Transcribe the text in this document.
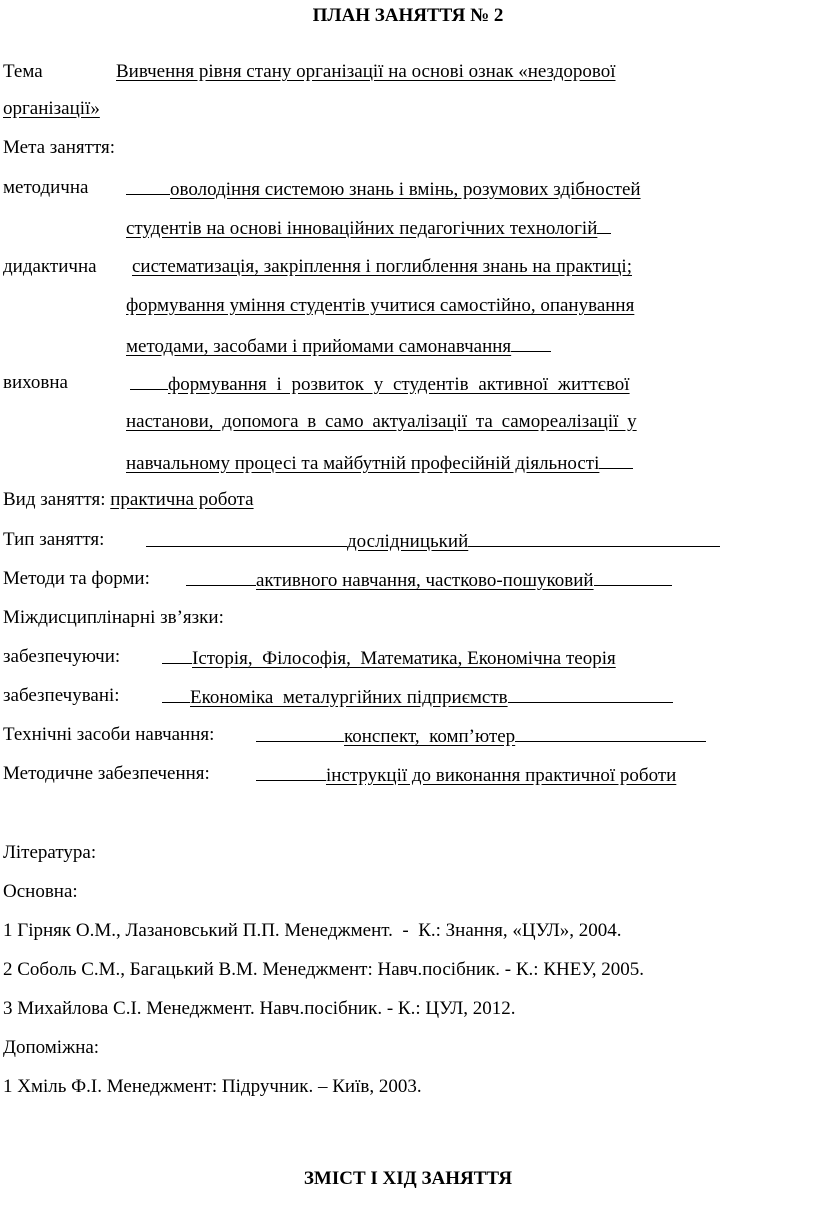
ПЛАН ЗАНЯТТЯ № 2
Тема	Вивчення рівня стану організації на основі ознак «нездорової
організації»
Мета заняття:
методична	оволодіння системою знань і вмінь, розумових здібностей
студентів на основі інноваційних педагогічних технологій
дидактична систематизація, закріплення і поглиблення знань на практиці;
формування уміння студентів учитися самостійно, опанування
методами, засобами і прийомами самонавчання
виховна	формування і розвиток у студентів активної життєвої
настанови, допомога в само актуалізації та самореалізації у
навчальному процесі та майбутній професійній діяльності
Вид заняття: практична робота
Тип заняття:	дослідницький
Методи та форми:	активного навчання, частково-пошуковий
Міждисциплінарні зв’язки:
забезпечуючи:	Історія,  Філософія,  Математика, Економічна теорія
забезпечувані:	Економіка  металургійних підприємств
Технічні засоби навчання:	конспект,  комп’ютер
Методичне забезпечення:	інструкції до виконання практичної роботи
Література:
Основна:
1 Гірняк О.М., Лазановський П.П. Менеджмент.  -  К.: Знання, «ЦУЛ», 2004.
2 Соболь С.М., Багацький В.М. Менеджмент: Навч.посібник. - К.: КНЕУ, 2005.
3 Михайлова С.І. Менеджмент. Навч.посібник. - К.: ЦУЛ, 2012.
Допоміжна:
1 Хміль Ф.І. Менеджмент: Підручник. – Київ, 2003.
ЗМІСТ І ХІД ЗАНЯТТЯ
